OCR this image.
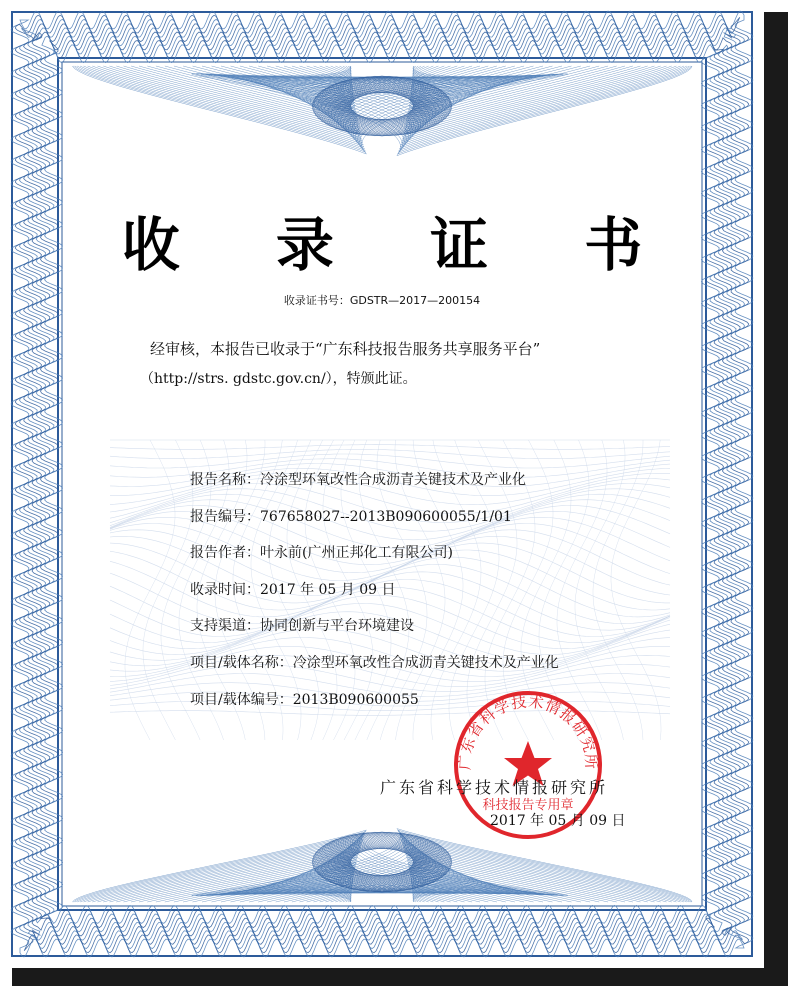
收 录 证 书
收录证书号：GDSTR—2017—200154
经审核，本报告已收录于“广东科技报告服务共享服务平台”
（http://strs. gdstc.gov.cn/），特颁此证。
报告名称：冷涂型环氧改性合成沥青关键技术及产业化
报告编号：767658027--2013B090600055/1/01
报告作者：叶永前(广州正邦化工有限公司)
收录时间：2017 年 05 月 09 日
支持渠道：协同创新与平台环境建设
项目/载体名称：冷涂型环氧改性合成沥青关键技术及产业化
项目/载体编号：2013B090600055
广东省科学技术情报研究所
科技报告专用章
广东省科学技术情报研究所
2017 年 05 月 09 日
